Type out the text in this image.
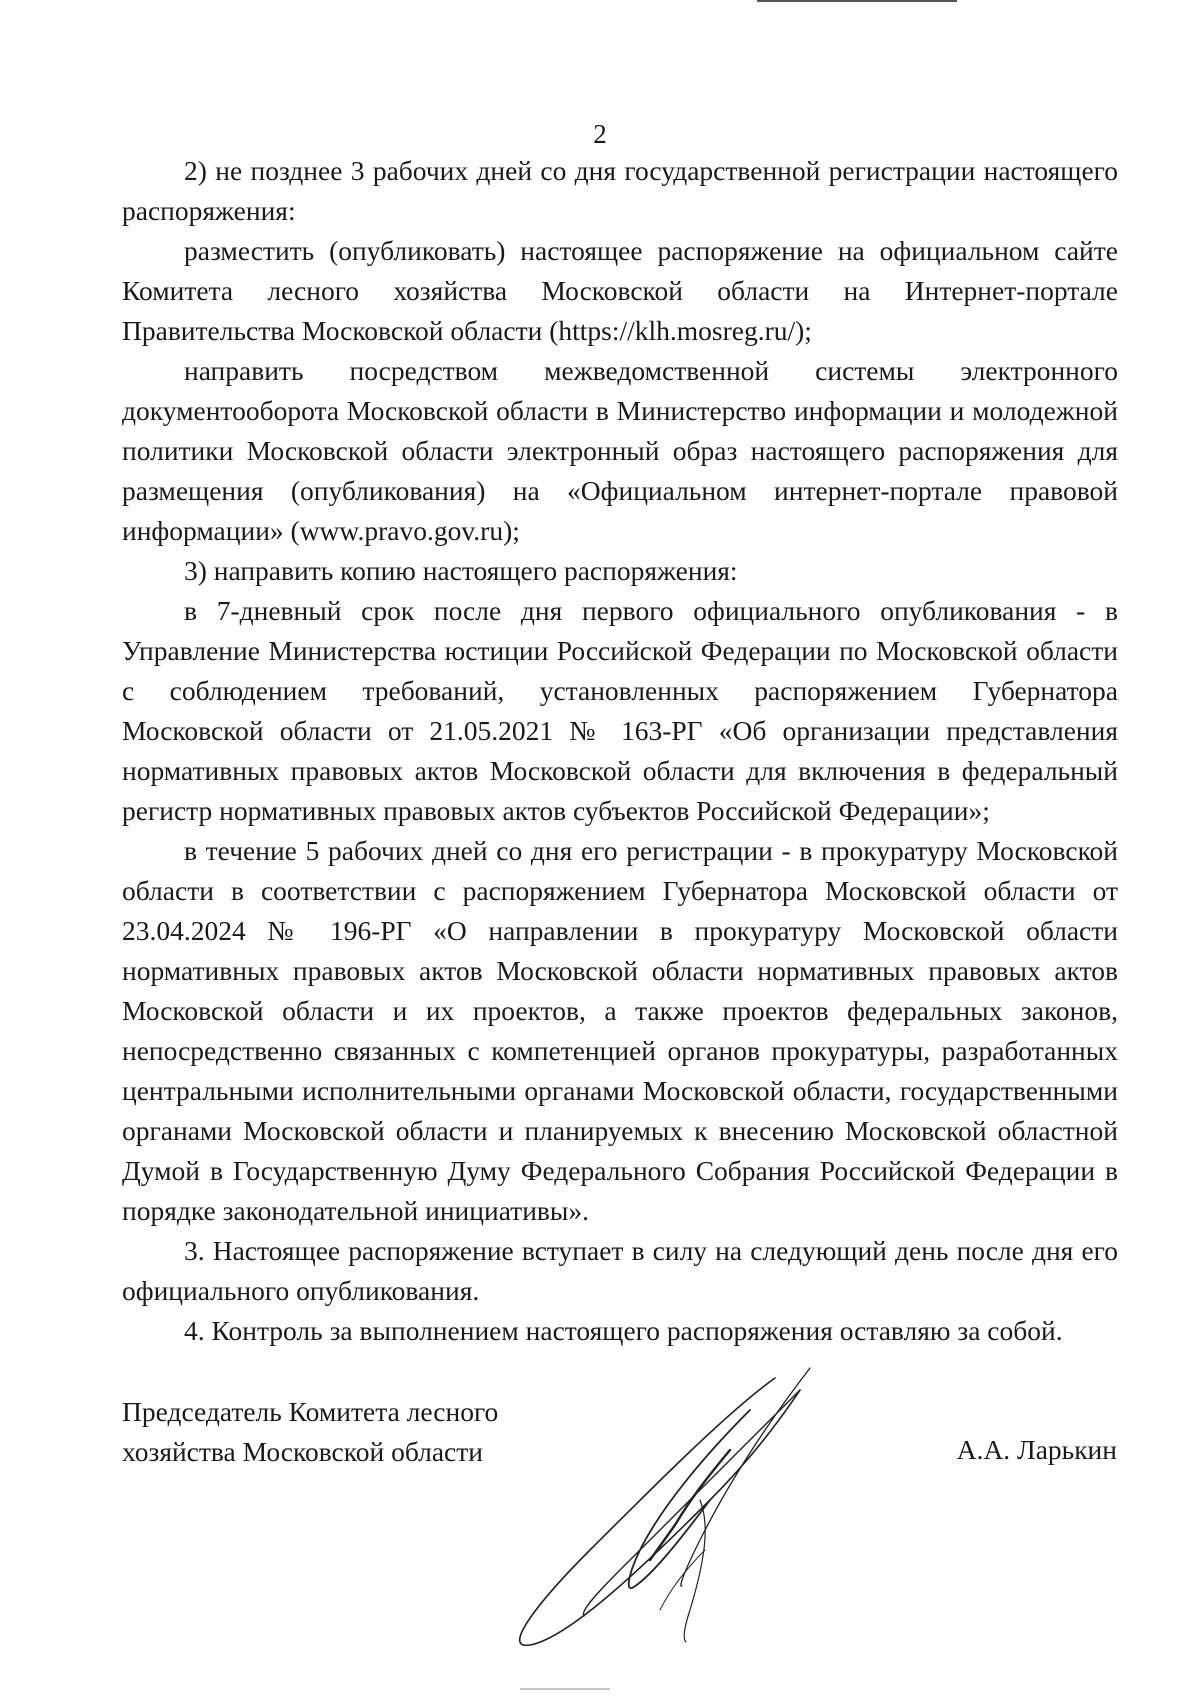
2

2) не позднее 3 рабочих дней со дня государственной регистрации настоящего распоряжения:

разместить (опубликовать) настоящее распоряжение на официальном сайте Комитета лесного хозяйства Московской области на Интернет-портале Правительства Московской области (https://klh.mosreg.ru/);

направить посредством межведомственной системы электронного документооборота Московской области в Министерство информации и молодежной политики Московской области электронный образ настоящего распоряжения для размещения (опубликования) на «Официальном интернет-портале правовой информации» (www.pravo.gov.ru);

3) направить копию настоящего распоряжения:

в 7-дневный срок после дня первого официального опубликования - в Управление Министерства юстиции Российской Федерации по Московской области с соблюдением требований, установленных распоряжением Губернатора Московской области от 21.05.2021 № 163-РГ «Об организации представления нормативных правовых актов Московской области для включения в федеральный регистр нормативных правовых актов субъектов Российской Федерации»;

в течение 5 рабочих дней со дня его регистрации - в прокуратуру Московской области в соответствии с распоряжением Губернатора Московской области от 23.04.2024 № 196-РГ «О направлении в прокуратуру Московской области нормативных правовых актов Московской области нормативных правовых актов Московской области и их проектов, а также проектов федеральных законов, непосредственно связанных с компетенцией органов прокуратуры, разработанных центральными исполнительными органами Московской области, государственными органами Московской области и планируемых к внесению Московской областной Думой в Государственную Думу Федерального Собрания Российской Федерации в порядке законодательной инициативы».

3. Настоящее распоряжение вступает в силу на следующий день после дня его официального опубликования.

4. Контроль за выполнением настоящего распоряжения оставляю за собой.

Председатель Комитета лесного
хозяйства Московской области	А.А. Ларькин
